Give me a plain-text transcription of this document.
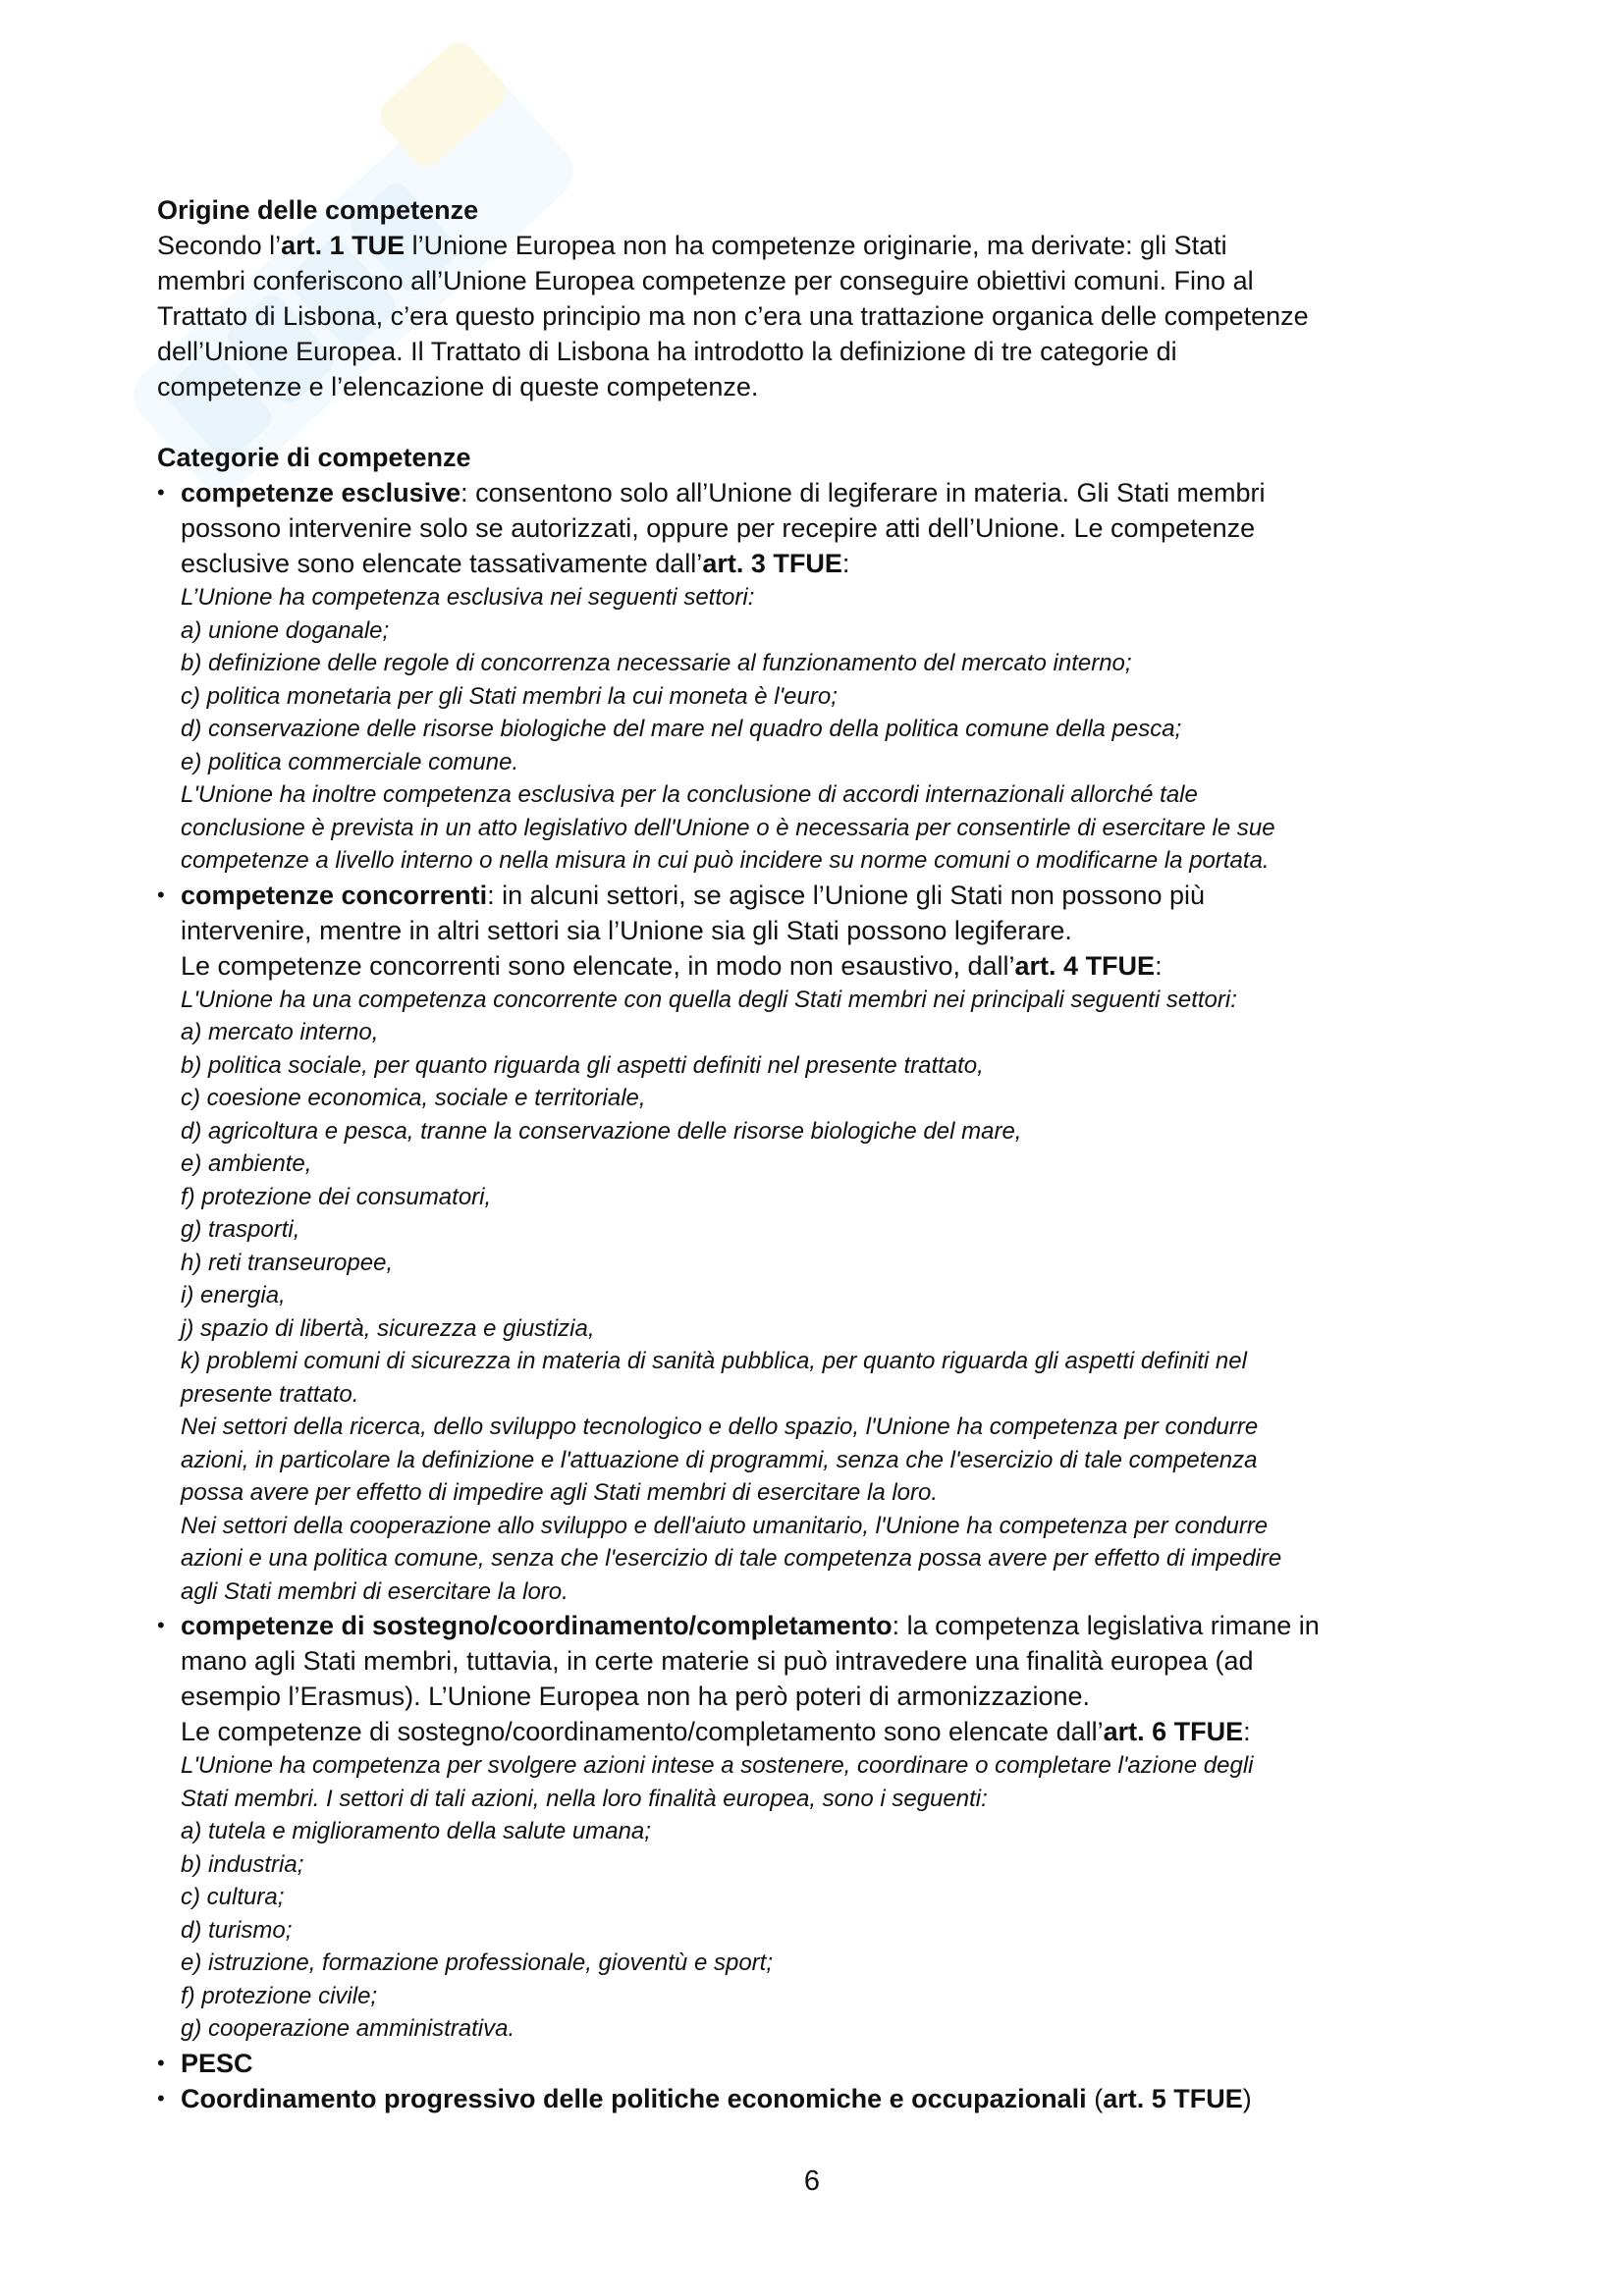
Origine delle competenze

Secondo l’art. 1 TUE l’Unione Europea non ha competenze originarie, ma derivate: gli Stati
membri conferiscono all’Unione Europea competenze per conseguire obiettivi comuni. Fino al
Trattato di Lisbona, c’era questo principio ma non c’era una trattazione organica delle competenze
dell’Unione Europea. Il Trattato di Lisbona ha introdotto la definizione di tre categorie di
competenze e l’elencazione di queste competenze.

Categorie di competenze

• competenze esclusive: consentono solo all’Unione di legiferare in materia. Gli Stati membri
possono intervenire solo se autorizzati, oppure per recepire atti dell’Unione. Le competenze
esclusive sono elencate tassativamente dall’art. 3 TFUE:

L’Unione ha competenza esclusiva nei seguenti settori:

a) unione doganale;

b) definizione delle regole di concorrenza necessarie al funzionamento del mercato interno;

c) politica monetaria per gli Stati membri la cui moneta è l'euro;

d) conservazione delle risorse biologiche del mare nel quadro della politica comune della pesca;

e) politica commerciale comune.

L'Unione ha inoltre competenza esclusiva per la conclusione di accordi internazionali allorché tale

conclusione è prevista in un atto legislativo dell'Unione o è necessaria per consentirle di esercitare le sue

competenze a livello interno o nella misura in cui può incidere su norme comuni o modificarne la portata.

• competenze concorrenti: in alcuni settori, se agisce l’Unione gli Stati non possono più
intervenire, mentre in altri settori sia l’Unione sia gli Stati possono legiferare.
Le competenze concorrenti sono elencate, in modo non esaustivo, dall’art. 4 TFUE:

L'Unione ha una competenza concorrente con quella degli Stati membri nei principali seguenti settori:

a) mercato interno,

b) politica sociale, per quanto riguarda gli aspetti definiti nel presente trattato,

c) coesione economica, sociale e territoriale,

d) agricoltura e pesca, tranne la conservazione delle risorse biologiche del mare,

e) ambiente,

f) protezione dei consumatori,

g) trasporti,

h) reti transeuropee,

i) energia,

j) spazio di libertà, sicurezza e giustizia,

k) problemi comuni di sicurezza in materia di sanità pubblica, per quanto riguarda gli aspetti definiti nel

presente trattato.

Nei settori della ricerca, dello sviluppo tecnologico e dello spazio, l'Unione ha competenza per condurre

azioni, in particolare la definizione e l'attuazione di programmi, senza che l'esercizio di tale competenza

possa avere per effetto di impedire agli Stati membri di esercitare la loro.

Nei settori della cooperazione allo sviluppo e dell'aiuto umanitario, l'Unione ha competenza per condurre

azioni e una politica comune, senza che l'esercizio di tale competenza possa avere per effetto di impedire

agli Stati membri di esercitare la loro.

• competenze di sostegno/coordinamento/completamento: la competenza legislativa rimane in
mano agli Stati membri, tuttavia, in certe materie si può intravedere una finalità europea (ad
esempio l’Erasmus). L’Unione Europea non ha però poteri di armonizzazione.
Le competenze di sostegno/coordinamento/completamento sono elencate dall’art. 6 TFUE:

L'Unione ha competenza per svolgere azioni intese a sostenere, coordinare o completare l'azione degli

Stati membri. I settori di tali azioni, nella loro finalità europea, sono i seguenti:

a) tutela e miglioramento della salute umana;

b) industria;

c) cultura;

d) turismo;

e) istruzione, formazione professionale, gioventù e sport;

f) protezione civile;

g) cooperazione amministrativa.

• PESC
• Coordinamento progressivo delle politiche economiche e occupazionali (art. 5 TFUE)
6
